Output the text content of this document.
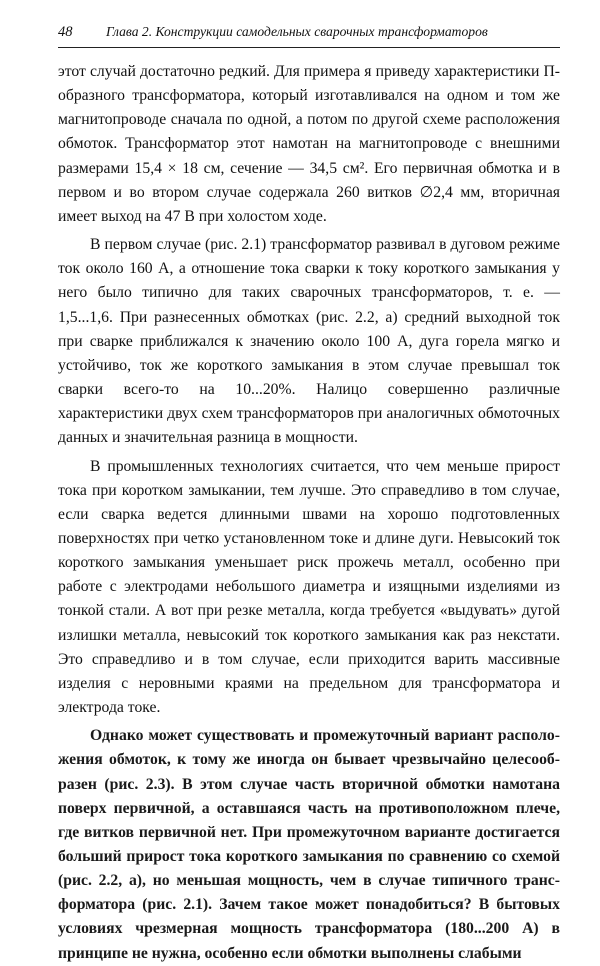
48 Глава 2. Конструкции самодельных сварочных трансформаторов

этот случай достаточно редкий. Для примера я приведу характеристики П-образного трансформатора, который изготавливался на одном и том же магнитопроводе сначала по одной, а потом по другой схеме расположения обмоток. Трансформатор этот намотан на магнитопроводе с внешними размерами 15,4 × 18 см, сечение — 34,5 см². Его первичная обмотка и в первом и во втором случае содержала 260 витков ∅2,4 мм, вторичная имеет выход на 47 В при холостом ходе.

В первом случае (рис. 2.1) трансформатор развивал в дуговом режиме ток около 160 А, а отношение тока сварки к току короткого замыкания у него было типично для таких сварочных трансформаторов, т. е. — 1,5...1,6. При разнесенных обмотках (рис. 2.2, а) средний выходной ток при сварке приближался к значению около 100 А, дуга горела мягко и устойчиво, ток же короткого замыкания в этом случае превышал ток сварки всего-то на 10...20%. Налицо совершенно различные характеристики двух схем трансформаторов при аналогичных обмоточных данных и значительная разница в мощности.

В промышленных технологиях считается, что чем меньше прирост тока при коротком замыкании, тем лучше. Это справедливо в том случае, если сварка ведется длинными швами на хорошо подготовленных поверхностях при четко установленном токе и длине дуги. Невысокий ток короткого замыкания уменьшает риск прожечь металл, особенно при работе с электродами небольшого диаметра и изящными изделиями из тонкой стали. А вот при резке металла, когда требуется «выдувать» дугой излишки металла, невысокий ток короткого замыкания как раз некстати. Это справедливо и в том случае, если приходится варить массивные изделия с неровными краями на предельном для трансформатора и электрода токе.

Однако может существовать и промежуточный вариант расположения обмоток, к тому же иногда он бывает чрезвычайно целесообразен (рис. 2.3). В этом случае часть вторичной обмотки намотана поверх первичной, а оставшаяся часть на противоположном плече, где витков первичной нет. При промежуточном варианте достигается больший прирост тока короткого замыкания по сравнению со схемой (рис. 2.2, а), но меньшая мощность, чем в случае типичного трансформатора (рис. 2.1). Зачем такое может понадобиться? В бытовых условиях чрезмерная мощность трансформатора (180...200 А) в принципе не нужна, особенно если обмотки выполнены слабыми
